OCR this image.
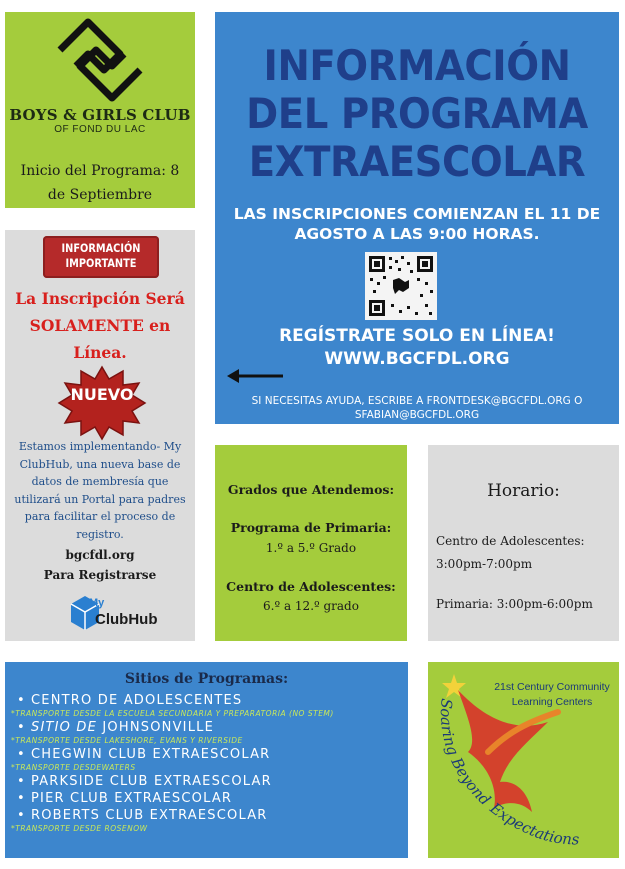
BOYS & GIRLS CLUB
OF FOND DU LAC
Inicio del Programa: 8 de Septiembre
INFORMACIÓN
DEL PROGRAMA
EXTRAESCOLAR
LAS INSCRIPCIONES COMIENZAN EL 11 DE AGOSTO A LAS 9:00 HORAS.
REGÍSTRATE SOLO EN LÍNEA!
WWW.BGCFDL.ORG
SI NECESITAS AYUDA, ESCRIBE A FRONTDESK@BGCFDL.ORG O SFABIAN@BGCFDL.ORG
INFORMACIÓN
IMPORTANTE
La Inscripción Será SOLAMENTE en Línea.
NUEVO
Estamos implementando- My ClubHub, una nueva base de datos de membresía que utilizará un Portal para padres para facilitar el proceso de registro.
bgcfdl.org
Para Registrarse
My
ClubHub
Grados que Atendemos:
Programa de Primaria:
1.º a 5.º Grado
Centro de Adolescentes:
6.º a 12.º grado
Horario:
Centro de Adolescentes:
3:00pm-7:00pm
Primaria: 3:00pm-6:00pm
Sitios de Programas:
• CENTRO DE ADOLESCENTES
*TRANSPORTE DESDE LA ESCUELA SECUNDARIA Y PREPARATORIA (NO STEM)
• SITIO DE JOHNSONVILLE
*TRANSPORTE DESDE LAKESHORE, EVANS Y RIVERSIDE
• CHEGWIN CLUB EXTRAESCOLAR
*TRANSPORTE DESDEWATERS
• PARKSIDE CLUB EXTRAESCOLAR
• PIER CLUB EXTRAESCOLAR
• ROBERTS CLUB EXTRAESCOLAR
*TRANSPORTE DESDE ROSENOW
Soaring BeyondExpectations
21st Century Community
Learning Centers
